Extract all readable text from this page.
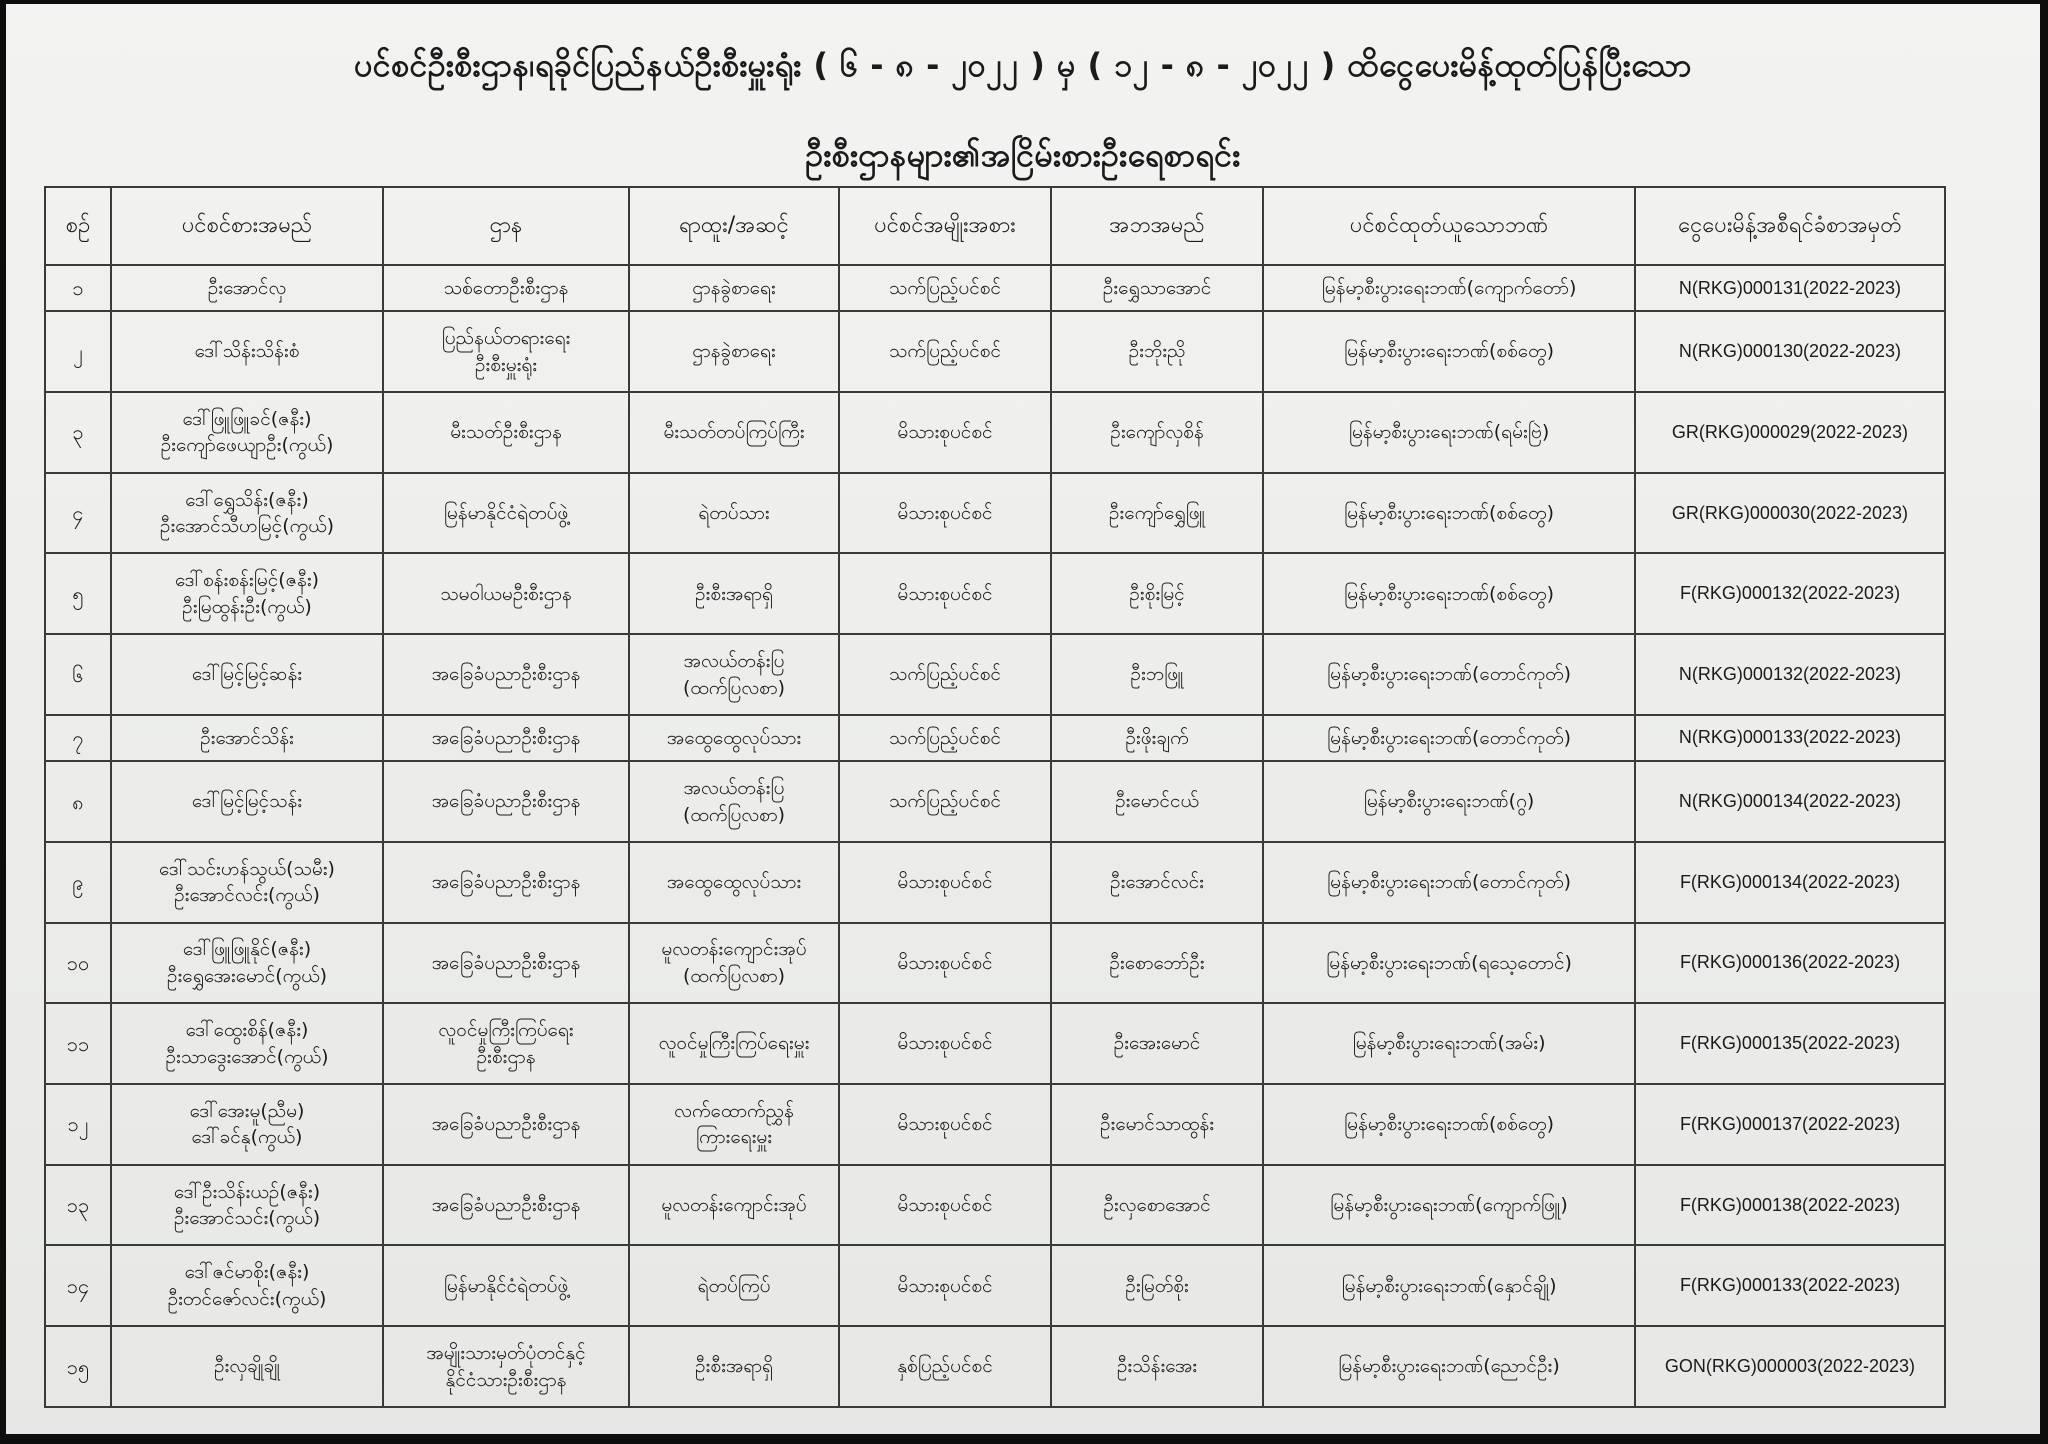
ပင်စင်ဦးစီးဌာန၊ရခိုင်ပြည်နယ်ဦးစီးမှူးရုံး ( ၆ - ၈ - ၂၀၂၂ ) မှ ( ၁၂ - ၈ - ၂၀၂၂ ) ထိငွေပေးမိန့်ထုတ်ပြန်ပြီးသော
ဦးစီးဌာနများ၏အငြိမ်းစားဦးရေစာရင်း
စဉ်	ပင်စင်စားအမည်	ဌာန	ရာထူး/အဆင့်	ပင်စင်အမျိုးအစား	အဘအမည်	ပင်စင်ထုတ်ယူသောဘဏ်	ငွေပေးမိန့်အစီရင်ခံစာအမှတ်
၁	ဦးအောင်လှ	သစ်တောဦးစီးဌာန	ဌာနခွဲစာရေး	သက်ပြည့်ပင်စင်	ဦးရွှေသာအောင်	မြန်မာ့စီးပွားရေးဘဏ်(ကျောက်တော်)	N(RKG)000131(2022-2023)
၂	ဒေါ်သိန်းသိန်းစံ	ပြည်နယ်တရားရေး
ဦးစီးမှူးရုံး	ဌာနခွဲစာရေး	သက်ပြည့်ပင်စင်	ဦးဘိုးညို	မြန်မာ့စီးပွားရေးဘဏ်(စစ်တွေ)	N(RKG)000130(2022-2023)
၃	ဒေါ်ဖြူဖြူခင်(ဇနီး)
ဦးကျော်ဖေယျာဦး(ကွယ်)	မီးသတ်ဦးစီးဌာန	မီးသတ်တပ်ကြပ်ကြီး	မိသားစုပင်စင်	ဦးကျော်လှစိန်	မြန်မာ့စီးပွားရေးဘဏ်(ရမ်းဗြဲ)	GR(RKG)000029(2022-2023)
၄	ဒေါ်ရွှေသိန်း(ဇနီး)
ဦးအောင်သီဟမြင့်(ကွယ်)	မြန်မာနိုင်ငံရဲတပ်ဖွဲ့	ရဲတပ်သား	မိသားစုပင်စင်	ဦးကျော်ရွှေဖြူ	မြန်မာ့စီးပွားရေးဘဏ်(စစ်တွေ)	GR(RKG)000030(2022-2023)
၅	ဒေါ်စန်းစန်းမြင့်(ဇနီး)
ဦးမြထွန်းဦး(ကွယ်)	သမဝါယမဦးစီးဌာန	ဦးစီးအရာရှိ	မိသားစုပင်စင်	ဦးစိုးမြင့်	မြန်မာ့စီးပွားရေးဘဏ်(စစ်တွေ)	F(RKG)000132(2022-2023)
၆	ဒေါ်မြင့်မြင့်ဆန်း	အခြေခံပညာဦးစီးဌာန	အလယ်တန်းပြ
(ထက်ပြလစာ)	သက်ပြည့်ပင်စင်	ဦးဘဖြူ	မြန်မာ့စီးပွားရေးဘဏ်(တောင်ကုတ်)	N(RKG)000132(2022-2023)
၇	ဦးအောင်သိန်း	အခြေခံပညာဦးစီးဌာန	အထွေထွေလုပ်သား	သက်ပြည့်ပင်စင်	ဦးဖိုးချက်	မြန်မာ့စီးပွားရေးဘဏ်(တောင်ကုတ်)	N(RKG)000133(2022-2023)
၈	ဒေါ်မြင့်မြင့်သန်း	အခြေခံပညာဦးစီးဌာန	အလယ်တန်းပြ
(ထက်ပြလစာ)	သက်ပြည့်ပင်စင်	ဦးမောင်ငယ်	မြန်မာ့စီးပွားရေးဘဏ်(ဂွ)	N(RKG)000134(2022-2023)
၉	ဒေါ်သင်းဟန်သွယ်(သမီး)
ဦးအောင်လင်း(ကွယ်)	အခြေခံပညာဦးစီးဌာန	အထွေထွေလုပ်သား	မိသားစုပင်စင်	ဦးအောင်လင်း	မြန်မာ့စီးပွားရေးဘဏ်(တောင်ကုတ်)	F(RKG)000134(2022-2023)
၁၀	ဒေါ်ဖြူဖြူနိုင်(ဇနီး)
ဦးရွှေအေးမောင်(ကွယ်)	အခြေခံပညာဦးစီးဌာန	မူလတန်းကျောင်းအုပ်
(ထက်ပြလစာ)	မိသားစုပင်စင်	ဦးစောဘော်ဦး	မြန်မာ့စီးပွားရေးဘဏ်(ရသေ့တောင်)	F(RKG)000136(2022-2023)
၁၁	ဒေါ်ထွေးစိန်(ဇနီး)
ဦးသာဒွေးအောင်(ကွယ်)	လူဝင်မှုကြီးကြပ်ရေး
ဦးစီးဌာန	လူဝင်မှုကြီးကြပ်ရေးမှူး	မိသားစုပင်စင်	ဦးအေးမောင်	မြန်မာ့စီးပွားရေးဘဏ်(အမ်း)	F(RKG)000135(2022-2023)
၁၂	ဒေါ်အေးမူ(ညီမ)
ဒေါ်ခင်နု(ကွယ်)	အခြေခံပညာဦးစီးဌာန	လက်ထောက်ညွှန်
ကြားရေးမှူး	မိသားစုပင်စင်	ဦးမောင်သာထွန်း	မြန်မာ့စီးပွားရေးဘဏ်(စစ်တွေ)	F(RKG)000137(2022-2023)
၁၃	ဒေါ်ဦးသိန်းယဉ်(ဇနီး)
ဦးအောင်သင်း(ကွယ်)	အခြေခံပညာဦးစီးဌာန	မူလတန်းကျောင်းအုပ်	မိသားစုပင်စင်	ဦးလှစောအောင်	မြန်မာ့စီးပွားရေးဘဏ်(ကျောက်ဖြူ)	F(RKG)000138(2022-2023)
၁၄	ဒေါ်ဇင်မာစိုး(ဇနီး)
ဦးတင်ဇော်လင်း(ကွယ်)	မြန်မာနိုင်ငံရဲတပ်ဖွဲ့	ရဲတပ်ကြပ်	မိသားစုပင်စင်	ဦးမြတ်စိုး	မြန်မာ့စီးပွားရေးဘဏ်(နှောင်ချို)	F(RKG)000133(2022-2023)
၁၅	ဦးလှချိုချို	အမျိုးသားမှတ်ပုံတင်နှင့်
နိုင်ငံသားဦးစီးဌာန	ဦးစီးအရာရှိ	နှစ်ပြည့်ပင်စင်	ဦးသိန်းအေး	မြန်မာ့စီးပွားရေးဘဏ်(ညောင်ဦး)	GON(RKG)000003(2022-2023)
